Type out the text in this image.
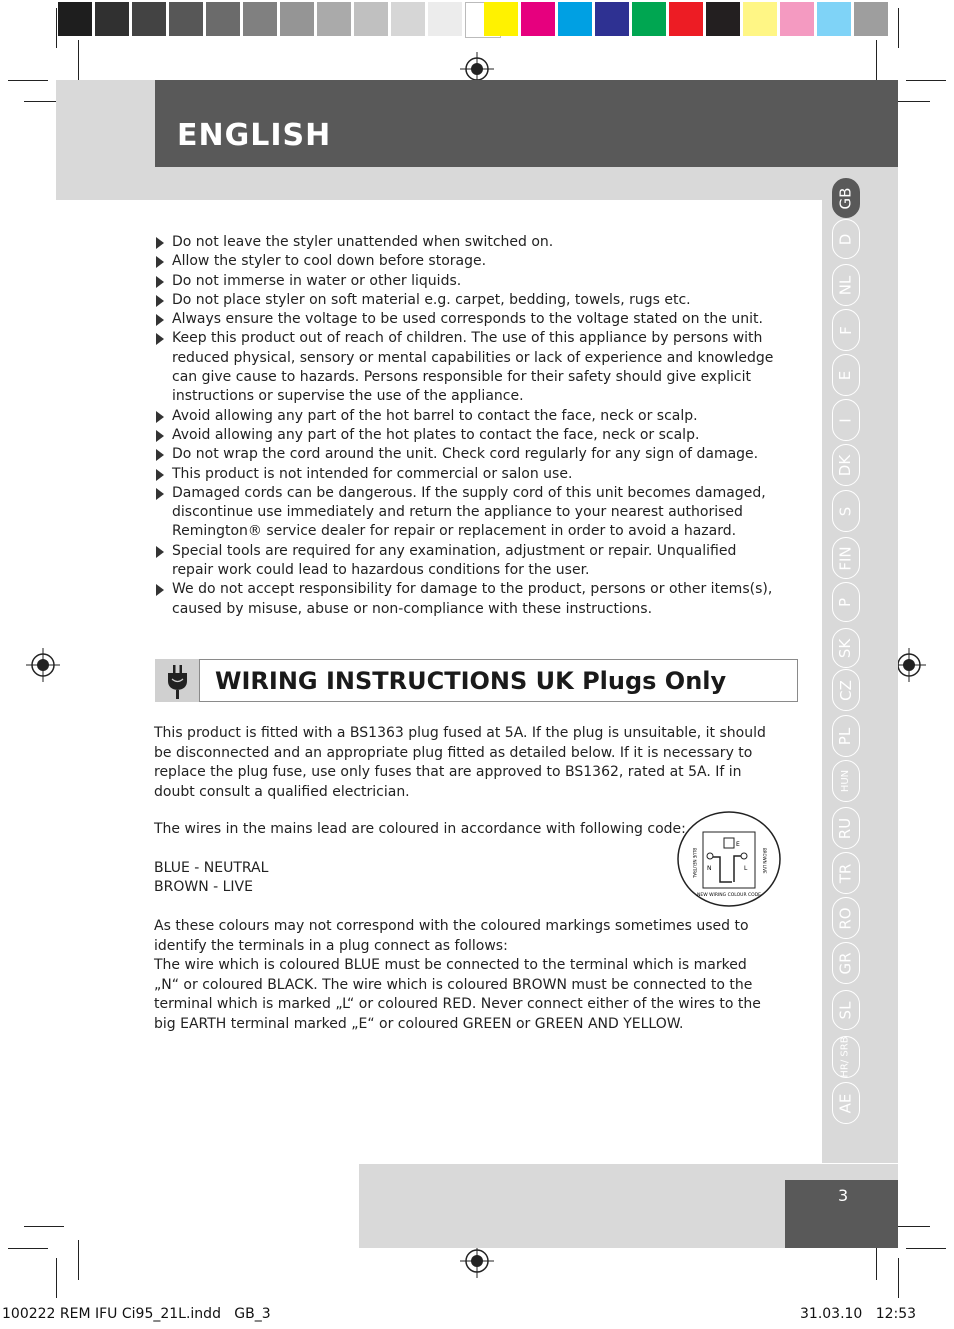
ENGLISH
GB
D
NL
F
E
I
DK
S
FIN
P
SK
CZ
PL
HUN
RU
TR
RO
GR
SL
HR/ SRB
AE
Do not leave the styler unattended when switched on.
Allow the styler to cool down before storage.
Do not immerse in water or other liquids.
Do not place styler on soft material e.g. carpet, bedding, towels, rugs etc.
Always ensure the voltage to be used corresponds to the voltage stated on the unit.
Keep this product out of reach of children. The use of this appliance by persons with reduced physical, sensory or mental capabilities or lack of experience and knowledge can give cause to hazards. Persons responsible for their safety should give explicit instructions or supervise the use of the appliance.
Avoid allowing any part of the hot barrel to contact the face, neck or scalp.
Avoid allowing any part of the hot plates to contact the face, neck or scalp.
Do not wrap the cord around the unit. Check cord regularly for any sign of damage.
This product is not intended for commercial or salon use.
Damaged cords can be dangerous. If the supply cord of this unit becomes damaged, discontinue use immediately and return the appliance to your nearest authorised Remington® service dealer for repair or replacement in order to avoid a hazard.
Special tools are required for any examination, adjustment or repair. Unqualified repair work could lead to hazardous conditions for the user.
We do not accept responsibility for damage to the product, persons or other items(s), caused by misuse, abuse or non-compliance with these instructions.
WIRING INSTRUCTIONS UK Plugs Only

This product is fitted with a BS1363 plug fused at 5A. If the plug is unsuitable, it should be disconnected and an appropriate plug fitted as detailed below. If it is necessary to replace the plug fuse, use only fuses that are approved to BS1362, rated at 5A. If in doubt consult a qualified electrician.

The wires in the mains lead are coloured in accordance with following code:

BLUE - NEUTRAL

BROWN - LIVE

As these colours may not correspond with the coloured markings sometimes used to identify the terminals in a plug connect as follows:

The wire which is coloured BLUE must be connected to the terminal which is marked „N“ or coloured BLACK. The wire which is coloured BROWN must be connected to the terminal which is marked „L“ or coloured RED. Never connect either of the wires to the big EARTH terminal marked „E“ or coloured GREEN or GREEN AND YELLOW.

E
N	L
NEW WIRING COLOUR CODE
BLUE NEUTRAL	BROWN LIVE
3
100222 REM IFU Ci95_21L.indd   GB_3	31.03.10   12:53
